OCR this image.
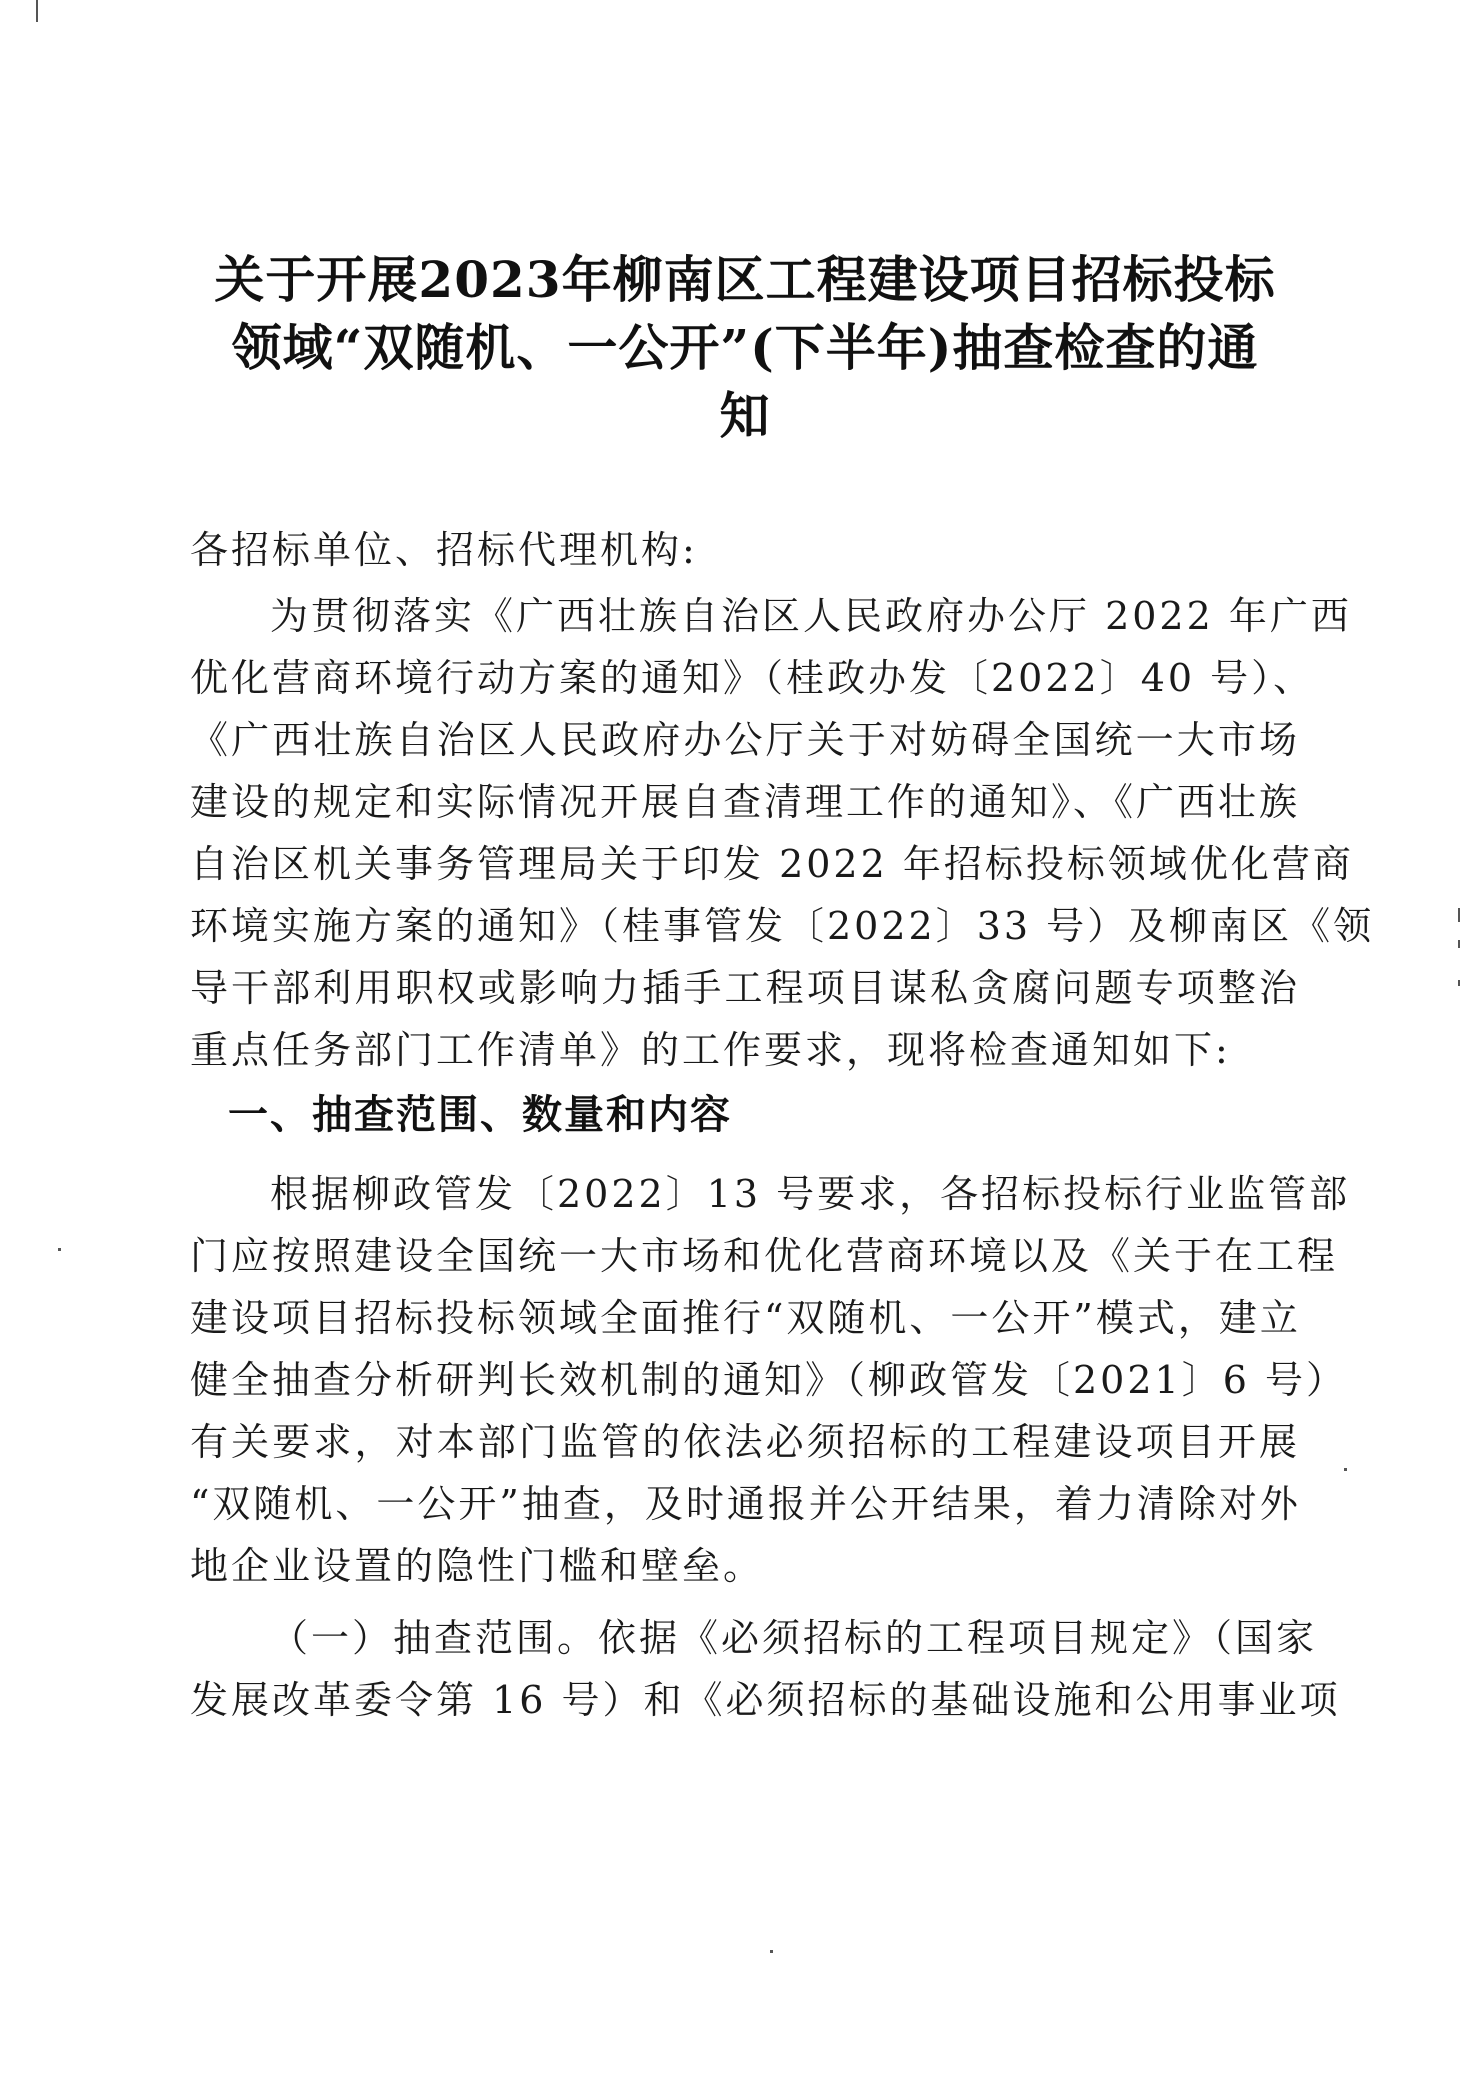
关于开展2023年柳南区工程建设项目招标投标
领域“双随机、一公开”(下半年)抽查检查的通
知
各招标单位、招标代理机构:
为贯彻落实《广西壮族自治区人民政府办公厅 2022 年广西
优化营商环境行动方案的通知》（桂政办发〔2022〕40 号）、
《广西壮族自治区人民政府办公厅关于对妨碍全国统一大市场
建设的规定和实际情况开展自查清理工作的通知》、《广西壮族
自治区机关事务管理局关于印发 2022 年招标投标领域优化营商
环境实施方案的通知》（桂事管发〔2022〕33 号）及柳南区《领
导干部利用职权或影响力插手工程项目谋私贪腐问题专项整治
重点任务部门工作清单》的工作要求，现将检查通知如下:
一、抽查范围、数量和内容
根据柳政管发〔2022〕13 号要求，各招标投标行业监管部
门应按照建设全国统一大市场和优化营商环境以及《关于在工程
建设项目招标投标领域全面推行“双随机、一公开”模式，建立
健全抽查分析研判长效机制的通知》（柳政管发〔2021〕6 号）
有关要求，对本部门监管的依法必须招标的工程建设项目开展
“双随机、一公开”抽查，及时通报并公开结果，着力清除对外
地企业设置的隐性门槛和壁垒。
（一）抽查范围。依据《必须招标的工程项目规定》（国家
发展改革委令第 16 号）和《必须招标的基础设施和公用事业项
